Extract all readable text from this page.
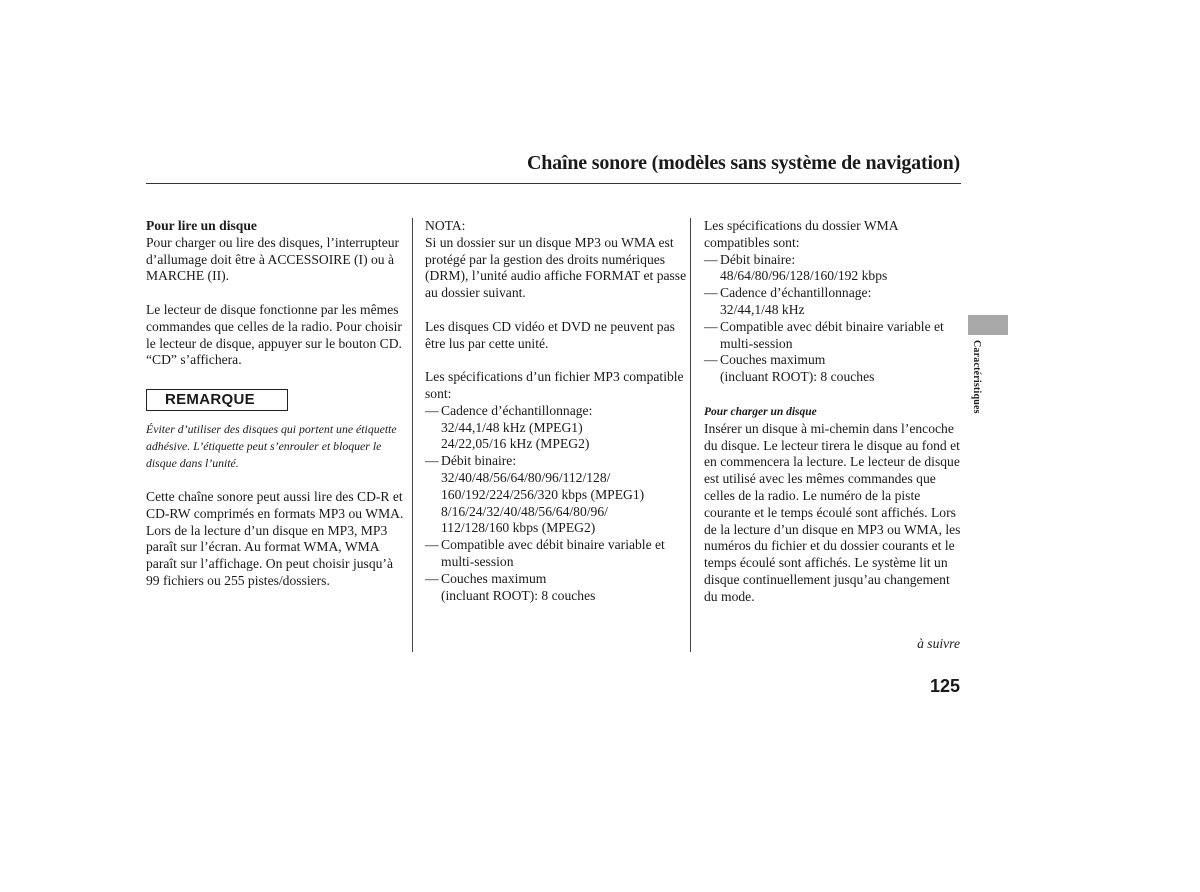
Chaîne sonore (modèles sans système de navigation)

Pour lire un disque

Pour charger ou lire des disques, l’interrupteur d’allumage doit être à ACCESSOIRE (I) ou à MARCHE (II).

Le lecteur de disque fonctionne par les mêmes commandes que celles de la radio. Pour choisir le lecteur de disque, appuyer sur le bouton CD. “CD” s’affichera.

REMARQUE

Éviter d’utiliser des disques qui portent une étiquette adhésive. L’étiquette peut s’enrouler et bloquer le disque dans l’unité.

Cette chaîne sonore peut aussi lire des CD-R et CD-RW comprimés en formats MP3 ou WMA. Lors de la lecture d’un disque en MP3, MP3 paraît sur l’écran. Au format WMA, WMA paraît sur l’affichage. On peut choisir jusqu’à 99 fichiers ou 255 pistes/dossiers.

NOTA:

Si un dossier sur un disque MP3 ou WMA est protégé par la gestion des droits numériques (DRM), l’unité audio affiche FORMAT et passe au dossier suivant.

Les disques CD vidéo et DVD ne peuvent pas être lus par cette unité.

Les spécifications d’un fichier MP3 compatible sont:

— Cadence d’échantillonnage:
32/44,1/48 kHz (MPEG1) 24/22,05/16 kHz (MPEG2)
— Débit binaire:
32/40/48/56/64/80/96/112/128/ 160/192/224/256/320 kbps (MPEG1) 8/16/24/32/40/48/56/64/80/96/ 112/128/160 kbps (MPEG2)
— Compatible avec débit binaire variable et multi-session
— Couches maximum
(incluant ROOT): 8 couches

Les spécifications du dossier WMA compatibles sont:

— Débit binaire:
48/64/80/96/128/160/192 kbps
— Cadence d’échantillonnage:
32/44,1/48 kHz
— Compatible avec débit binaire variable et multi-session
— Couches maximum
(incluant ROOT): 8 couches

Pour charger un disque

Insérer un disque à mi-chemin dans l’encoche du disque. Le lecteur tirera le disque au fond et en commencera la lecture. Le lecteur de disque est utilisé avec les mêmes commandes que celles de la radio. Le numéro de la piste courante et le temps écoulé sont affichés. Lors de la lecture d’un disque en MP3 ou WMA, les numéros du fichier et du dossier courants et le temps écoulé sont affichés. Le système lit un disque continuellement jusqu’au changement du mode.

à suivre
125
Caractéristiques
